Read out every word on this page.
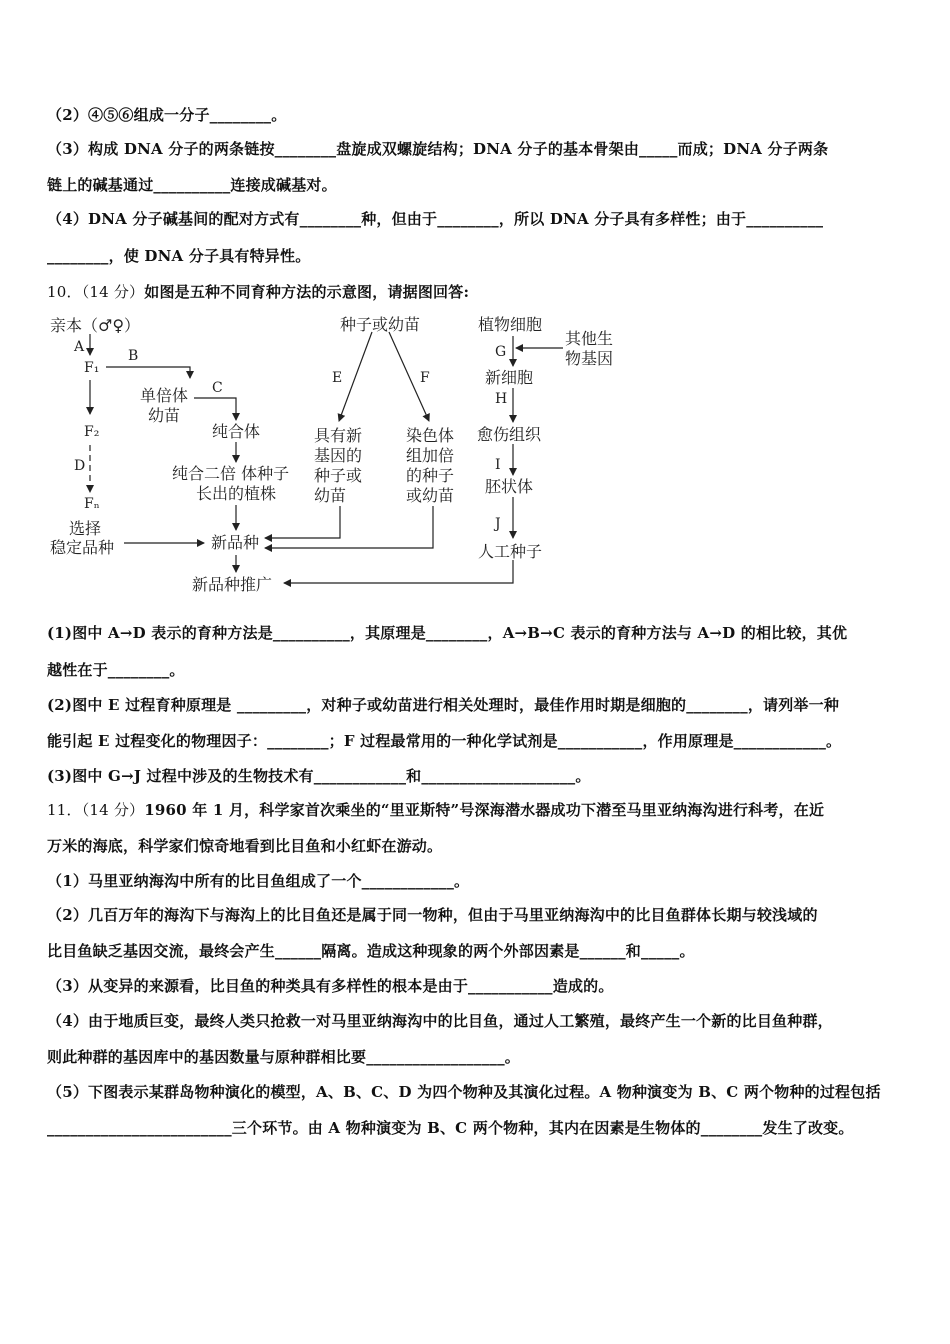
（2）④⑤⑥组成一分子________。
（3）构成 DNA 分子的两条链按________盘旋成双螺旋结构；DNA 分子的基本骨架由_____而成；DNA 分子两条
链上的碱基通过__________连接成碱基对。
（4）DNA 分子碱基间的配对方式有________种，但由于________，所以 DNA 分子具有多样性；由于__________
________，使 DNA 分子具有特异性。
10．（14 分）如图是五种不同育种方法的示意图，请据图回答:
亲本（♂♀）
A
F₁
B
F₂
D
Fₙ
选择
稳定品种
单倍体
幼苗
C
纯合体
纯合二倍 体种子
长出的植株
新品种
新品种推广
种子或幼苗
E	F
具有新
基因的
种子或
幼苗
染色体
组加倍
的种子
或幼苗
植物细胞
其他生
物基因
G
新细胞
H
愈伤组织
I
胚状体
J
人工种子
(1)图中 A→D 表示的育种方法是__________，其原理是________，A→B→C 表示的育种方法与 A→D 的相比较，其优
越性在于________。
(2)图中 E 过程育种原理是 _________，对种子或幼苗进行相关处理时，最佳作用时期是细胞的________，请列举一种
能引起 E 过程变化的物理因子：________；F 过程最常用的一种化学试剂是___________，作用原理是____________。
(3)图中 G→J 过程中涉及的生物技术有____________和____________________。
11．（14 分）1960 年 1 月，科学家首次乘坐的“里亚斯特”号深海潜水器成功下潜至马里亚纳海沟进行科考，在近
万米的海底，科学家们惊奇地看到比目鱼和小红虾在游动。
（1）马里亚纳海沟中所有的比目鱼组成了一个____________。
（2）几百万年的海沟下与海沟上的比目鱼还是属于同一物种，但由于马里亚纳海沟中的比目鱼群体长期与较浅域的
比目鱼缺乏基因交流，最终会产生______隔离。造成这种现象的两个外部因素是______和_____。
（3）从变异的来源看，比目鱼的种类具有多样性的根本是由于___________造成的。
（4）由于地质巨变，最终人类只抢救一对马里亚纳海沟中的比目鱼，通过人工繁殖，最终产生一个新的比目鱼种群，
则此种群的基因库中的基因数量与原种群相比要__________________。
（5）下图表示某群岛物种演化的模型，A、B、C、D 为四个物种及其演化过程。A 物种演变为 B、C 两个物种的过程包括
________________________三个环节。由 A 物种演变为 B、C 两个物种，其内在因素是生物体的________发生了改变。
